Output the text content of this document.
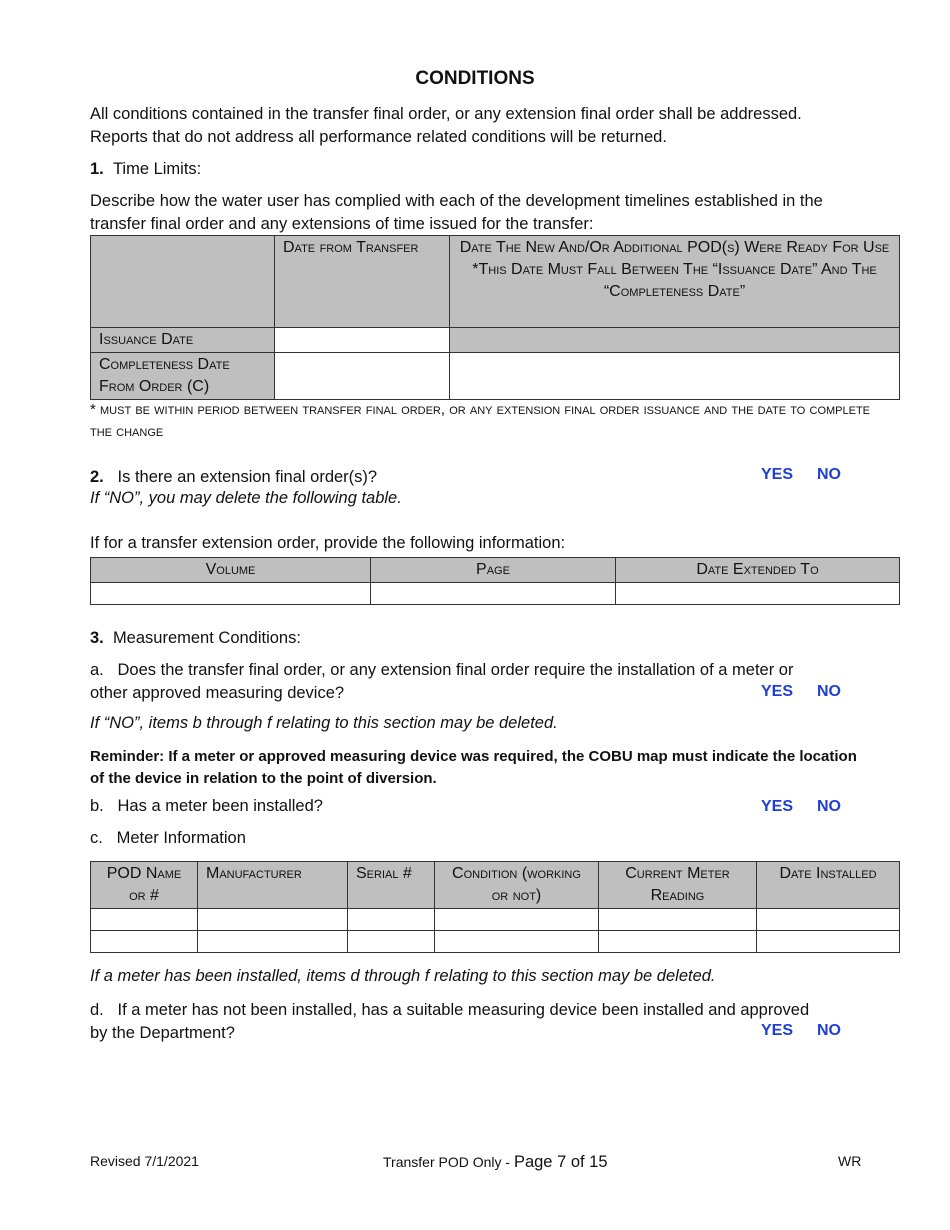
CONDITIONS

All conditions contained in the transfer final order, or any extension final order shall be addressed.

Reports that do not address all performance related conditions will be returned.

1. Time Limits:

Describe how the water user has complied with each of the development timelines established in the

transfer final order and any extensions of time issued for the transfer:

	Date from Transfer	Date The New And/Or Additional POD(s) Were Ready For Use
*This Date Must Fall Between The “Issuance Date” And The “Completeness Date”

Issuance Date		
Completeness Date From Order (C)		
* must be within period between transfer final order, or any extension final order issuance and the date to complete the change

2. Is there an extension final order(s)?	YES NO
If “NO”, you may delete the following table.
If for a transfer extension order, provide the following information:
Volume	Page	Date Extended To

3. Measurement Conditions:

a.   Does the transfer final order, or any extension final order require the installation of a meter or

other approved measuring device?	YES NO
If “NO”, items b through f relating to this section may be deleted.

Reminder: If a meter or approved measuring device was required, the COBU map must indicate the location

of the device in relation to the point of diversion.

b.   Has a meter been installed?	YES NO
c.   Meter Information
POD Name or #	Manufacturer	Serial #	Condition (working or not)	Current Meter Reading	Date Installed

If a meter has been installed, items d through f relating to this section may be deleted.

d.   If a meter has not been installed, has a suitable measuring device been installed and approved

by the Department?	YES NO
Revised 7/1/2021	Transfer POD Only - Page 7 of 15	WR
